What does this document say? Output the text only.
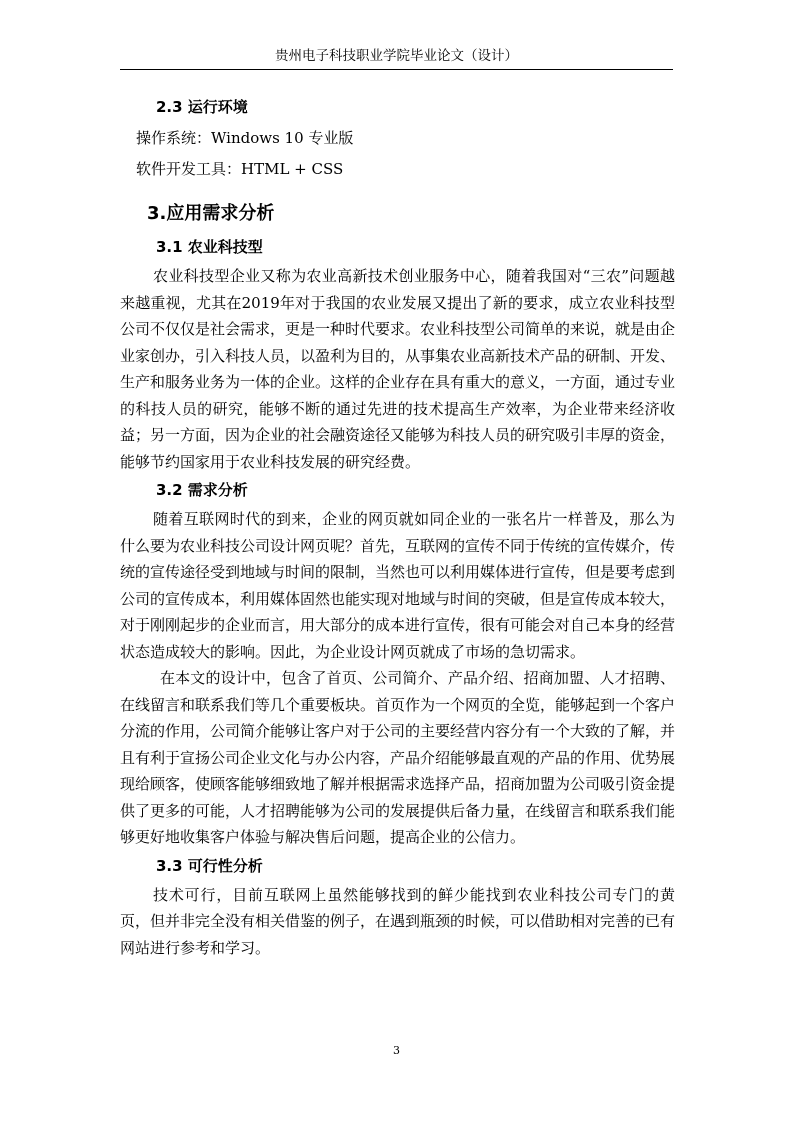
贵州电子科技职业学院毕业论文（设计）

2.3 运行环境

操作系统：Windows 10 专业版

软件开发工具：HTML + CSS

3.应用需求分析

3.1 农业科技型

农业科技型企业又称为农业高新技术创业服务中心，随着我国对“三农”问题越来越重视，尤其在2019年对于我国的农业发展又提出了新的要求，成立农业科技型公司不仅仅是社会需求，更是一种时代要求。农业科技型公司简单的来说，就是由企业家创办，引入科技人员，以盈利为目的，从事集农业高新技术产品的研制、开发、生产和服务业务为一体的企业。这样的企业存在具有重大的意义，一方面，通过专业的科技人员的研究，能够不断的通过先进的技术提高生产效率，为企业带来经济收益；另一方面，因为企业的社会融资途径又能够为科技人员的研究吸引丰厚的资金，能够节约国家用于农业科技发展的研究经费。

3.2 需求分析

随着互联网时代的到来，企业的网页就如同企业的一张名片一样普及，那么为什么要为农业科技公司设计网页呢？首先，互联网的宣传不同于传统的宣传媒介，传统的宣传途径受到地域与时间的限制，当然也可以利用媒体进行宣传，但是要考虑到公司的宣传成本，利用媒体固然也能实现对地域与时间的突破，但是宣传成本较大，对于刚刚起步的企业而言，用大部分的成本进行宣传，很有可能会对自己本身的经营状态造成较大的影响。因此，为企业设计网页就成了市场的急切需求。

在本文的设计中，包含了首页、公司简介、产品介绍、招商加盟、人才招聘、在线留言和联系我们等几个重要板块。首页作为一个网页的全览，能够起到一个客户分流的作用，公司简介能够让客户对于公司的主要经营内容分有一个大致的了解，并且有利于宣扬公司企业文化与办公内容，产品介绍能够最直观的产品的作用、优势展现给顾客，使顾客能够细致地了解并根据需求选择产品，招商加盟为公司吸引资金提供了更多的可能，人才招聘能够为公司的发展提供后备力量，在线留言和联系我们能够更好地收集客户体验与解决售后问题，提高企业的公信力。

3.3 可行性分析

技术可行，目前互联网上虽然能够找到的鲜少能找到农业科技公司专门的黄页，但并非完全没有相关借鉴的例子，在遇到瓶颈的时候，可以借助相对完善的已有网站进行参考和学习。

3
